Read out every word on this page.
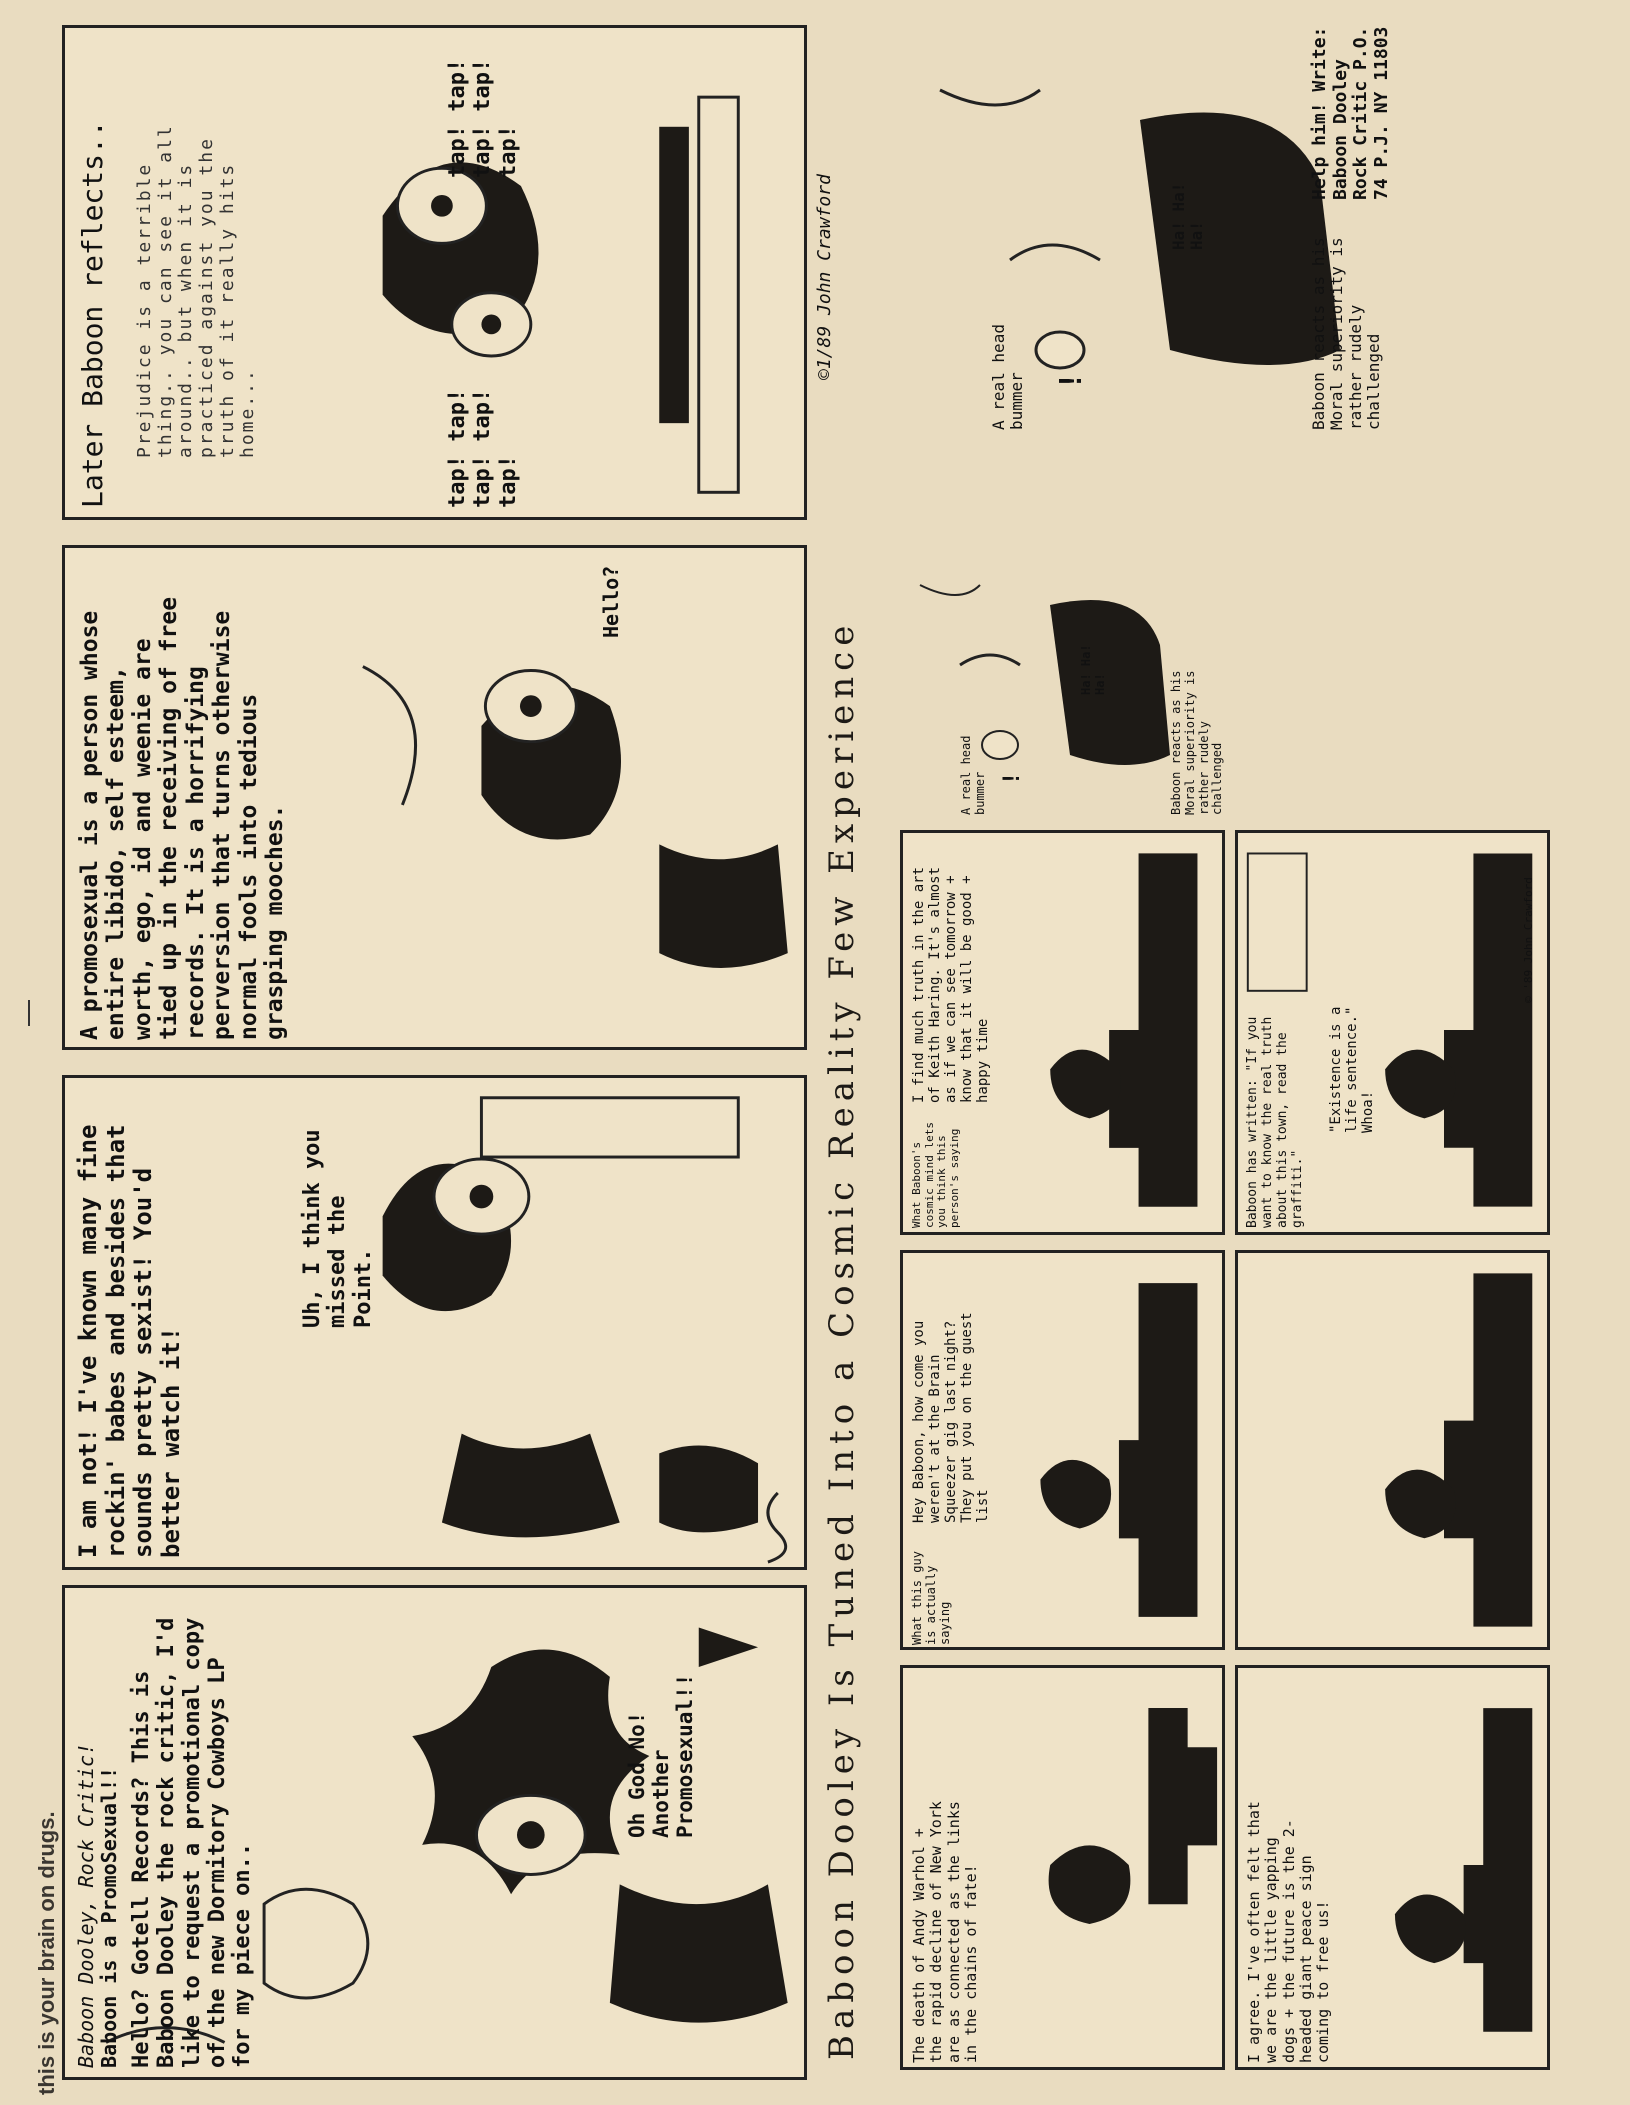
this is your brain on drugs. Baboon Dooley, Rock Critic! Baboon is a PromoSexual!! Hello? Gotell Records? This is Baboon Dooley the rock critic, I'd like to request a promotional copy of the new Dormitory Cowboys LP for my piece on..
Oh God No! Another Promosexual!!
I am not! I've known many fine rockin' babes and besides that sounds pretty sexist! You'd better watch it!
Uh, I think you missed the Point.
A promosexual is a person whose entire libido, self esteem, worth, ego, id and weenie are tied up in the receiving of free records. It is a horrifying perversion that turns otherwise normal fools into tedious grasping mooches.
Hello?
Later Baboon reflects.. Prejudice is a terrible thing.. you can see it all around.. but when it is practiced against you the truth of it really hits home...	tap! tap! tap! tap! tap!
tap! tap! tap! tap! tap!
©1/89 John Crawford
Baboon Dooley Is Tuned Into a Cosmic Reality Few Experience	The death of Andy Warhol + the rapid decline of New York are as connected as the links in the chains of fate!
What this guy is actually saying
Hey Baboon, how come you weren't at the Brain Squeezer gig last night? They put you on the guest list
What Baboon's cosmic mind lets you think this person's saying
I find much truth in the art of Keith Haring. It's almost as if we can see tomorrow + know that it will be good + happy time
I agree. I've often felt that we are the little yapping dogs + the future is the 2-headed giant peace sign coming to free us!
Baboon has written: "If you want to know the real truth about this town, read the graffiti."
"Existence is a life sentence." Whoa!
© '89 John Crawford
!
A real head bummer
Ha! Ha! Ha!	Baboon reacts as his Moral superiority is rather rudely challenged
!
A real head bummer
Ha! Ha! Ha!
Baboon reacts as his Moral superiority is rather rudely challenged
Help him! Write: Baboon Dooley Rock Critic P.O. 74 P.J. NY 11803
